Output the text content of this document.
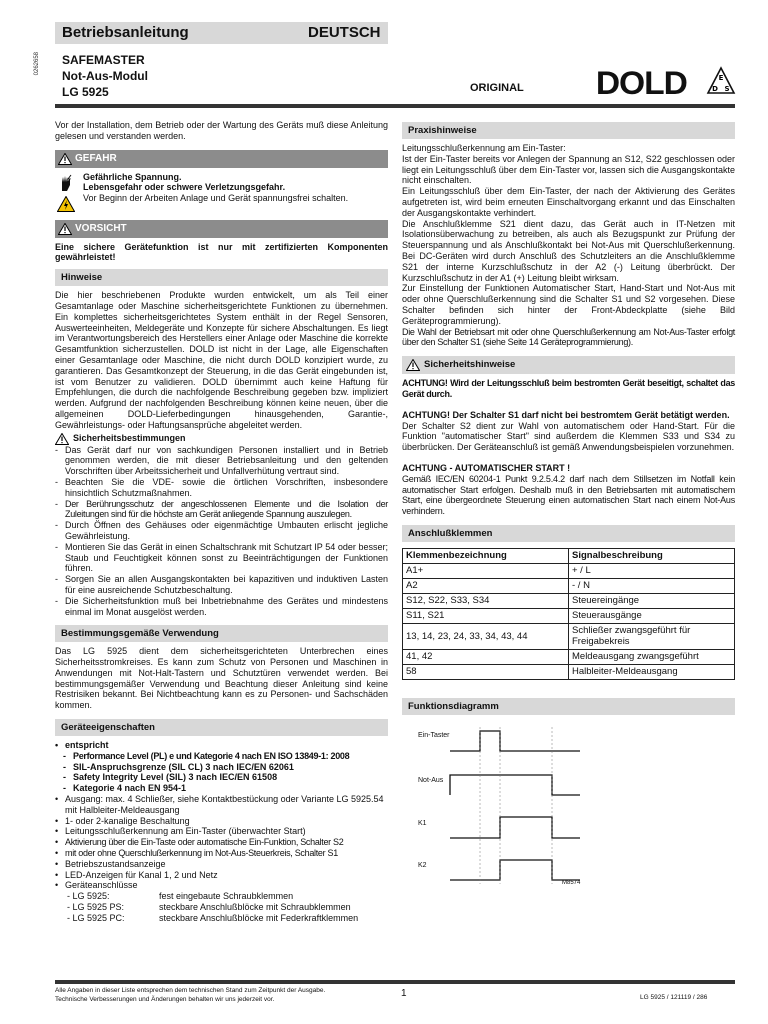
Betriebsanleitung	DEUTSCH
0262658 SAFEMASTER
Not-Aus-Modul
LG 5925	ORIGINAL DOLD	E
D S

Vor der Installation, dem Betrieb oder der Wartung des Geräts muß diese Anleitung gelesen und verstanden werden.

GEFAHR
Gefährliche Spannung.
Lebensgefahr oder schwere Verletzungsgefahr.
Vor Beginn der Arbeiten Anlage und Gerät spannungsfrei schalten.
VORSICHT

Eine sichere Gerätefunktion ist nur mit zertifizierten Komponenten gewährleistet!

Hinweise

Die hier beschriebenen Produkte wurden entwickelt, um als Teil einer Gesamtanlage oder Maschine sicherheitsgerichtete Funktionen zu übernehmen. Ein komplettes sicherheitsgerichtetes System enthält in der Regel Sensoren, Auswerteeinheiten, Meldegeräte und Konzepte für sichere Abschaltungen. Es liegt im Verantwortungsbereich des Herstellers einer Anlage oder Maschine die korrekte Gesamtfunktion sicherzustellen. DOLD ist nicht in der Lage, alle Eigenschaften einer Gesamtanlage oder Maschine, die nicht durch DOLD konzipiert wurde, zu garantieren. Das Gesamtkonzept der Steuerung, in die das Gerät eingebunden ist, ist vom Benutzer zu validieren. DOLD übernimmt auch keine Haftung für Empfehlungen, die durch die nachfolgende Beschreibung gegeben bzw. impliziert werden. Aufgrund der nachfolgenden Beschreibung können keine neuen, über die allgemeinen DOLD-Lieferbedingungen hinausgehenden, Garantie-, Gewährleistungs- oder Haftungsansprüche abgeleitet werden.

Sicherheitsbestimmungen
- Das Gerät darf nur von sachkundigen Personen installiert und in Betrieb genommen werden, die mit dieser Betriebsanleitung und den geltenden Vorschriften über Arbeitssicherheit und Unfallverhütung vertraut sind.
- Beachten Sie die VDE- sowie die örtlichen Vorschriften, insbesondere hinsichtlich Schutzmaßnahmen.
- Der Berührungsschutz der angeschlossenen Elemente und die Isolation der Zuleitungen sind für die höchste am Gerät anliegende Spannung auszulegen.
- Durch Öffnen des Gehäuses oder eigenmächtige Umbauten erlischt jegliche Gewährleistung.
- Montieren Sie das Gerät in einen Schaltschrank mit Schutzart IP 54 oder besser; Staub und Feuchtigkeit können sonst zu Beeinträchtigungen der Funktionen führen.
- Sorgen Sie an allen Ausgangskontakten bei kapazitiven und induktiven Lasten für eine ausreichende Schutzbeschaltung.
- Die Sicherheitsfunktion muß bei Inbetriebnahme des Gerätes und mindestens einmal im Monat ausgelöst werden.
Bestimmungsgemäße Verwendung

Das LG 5925 dient dem sicherheitsgerichteten Unterbrechen eines Sicherheitsstromkreises. Es kann zum Schutz von Personen und Maschinen in Anwendungen mit Not-Halt-Tastern und Schutztüren verwendet werden. Bei bestimmungsgemäßer Verwendung und Beachtung dieser Anleitung sind keine Restrisiken bekannt. Bei Nichtbeachtung kann es zu Personen- und Sachschäden kommen.

Geräteeigenschaften
• entspricht
- Performance Level (PL) e und Kategorie 4 nach EN ISO 13849-1: 2008
- SIL-Anspruchsgrenze (SIL CL) 3 nach IEC/EN 62061
- Safety Integrity Level (SIL) 3 nach IEC/EN 61508
- Kategorie 4 nach EN 954-1
• Ausgang: max. 4 Schließer, siehe Kontaktbestückung oder Variante LG 5925.54 mit Halbleiter-Meldeausgang
• 1- oder 2-kanalige Beschaltung
• Leitungsschlußerkennung am Ein-Taster (überwachter Start)
• Aktivierung über die Ein-Taste oder automatische Ein-Funktion, Schalter S2
• mit oder ohne Querschlußerkennung im Not-Aus-Steuerkreis, Schalter S1
• Betriebszustandsanzeige
• LED-Anzeigen für Kanal 1, 2 und Netz
• Geräteanschlüsse
- LG 5925:	fest eingebaute Schraubklemmen
- LG 5925 PS:	steckbare Anschlußblöcke mit Schraubklemmen
- LG 5925 PC:	steckbare Anschlußblöcke mit Federkraftklemmen
Praxishinweise

Leitungsschlußerkennung am Ein-Taster:

Ist der Ein-Taster bereits vor Anlegen der Spannung an S12, S22 geschlossen oder liegt ein Leitungsschluß über dem Ein-Taster vor, lassen sich die Ausgangskontakte nicht einschalten.

Ein Leitungsschluß über dem Ein-Taster, der nach der Aktivierung des Gerätes aufgetreten ist, wird beim erneuten Einschaltvorgang erkannt und das Einschalten der Ausgangskontakte verhindert.

Die Anschlußklemme S21 dient dazu, das Gerät auch in IT-Netzen mit Isolationsüberwachung zu betreiben, als auch als Bezugspunkt zur Prüfung der Steuerspannung und als Anschlußkontakt bei Not-Aus mit Querschlußerkennung. Bei DC-Geräten wird durch Anschluß des Schutzleiters an die Anschlußklemme S21 der interne Kurzschlußschutz in der A2 (-) Leitung überbrückt. Der Kurzschlußschutz in der A1 (+) Leitung bleibt wirksam.

Zur Einstellung der Funktionen Automatischer Start, Hand-Start und Not-Aus mit oder ohne Querschlußerkennung sind die Schalter S1 und S2 vorgesehen. Diese Schalter befinden sich hinter der Front-Abdeckplatte (siehe Bild Geräteprogrammierung).

Die Wahl der Betriebsart mit oder ohne Querschlußerkennung am Not-Aus-Taster erfolgt über den Schalter S1 (siehe Seite 14 Geräteprogrammierung).

Sicherheitshinweise

ACHTUNG! Wird der Leitungsschluß beim bestromten Gerät beseitigt, schaltet das Gerät durch.

ACHTUNG! Der Schalter S1 darf nicht bei bestromtem Gerät betätigt werden.

Der Schalter S2 dient zur Wahl von automatischem oder Hand-Start. Für die Funktion "automatischer Start" sind außerdem die Klemmen S33 und S34 zu überbrücken. Der Geräteanschluß ist gemäß Anwendungsbeispielen vorzunehmen.

ACHTUNG - AUTOMATISCHER START !

Gemäß IEC/EN 60204-1 Punkt 9.2.5.4.2 darf nach dem Stillsetzen im Notfall kein automatischer Start erfolgen. Deshalb muß in den Betriebsarten mit automatischem Start, eine übergeordnete Steuerung einen automatischen Start nach einem Not-Aus verhindern.

Anschlußklemmen
Klemmenbezeichnung	Signalbeschreibung
A1+	+ / L
A2	- / N
S12, S22, S33, S34	Steuereingänge
S11, S21	Steuerausgänge
13, 14, 23, 24, 33, 34, 43, 44	Schließer zwangsgeführt für Freigabekreis
41, 42	Meldeausgang zwangsgeführt
58	Halbleiter-Meldeausgang
Funktionsdiagramm
Ein-Taster
Not-Aus
K1
K2
M8574
Alle Angaben in dieser Liste entsprechen dem technischen Stand zum Zeitpunkt der Ausgabe.
Technische Verbesserungen und Änderungen behalten wir uns jederzeit vor.
1	LG 5925 / 121119 / 286
